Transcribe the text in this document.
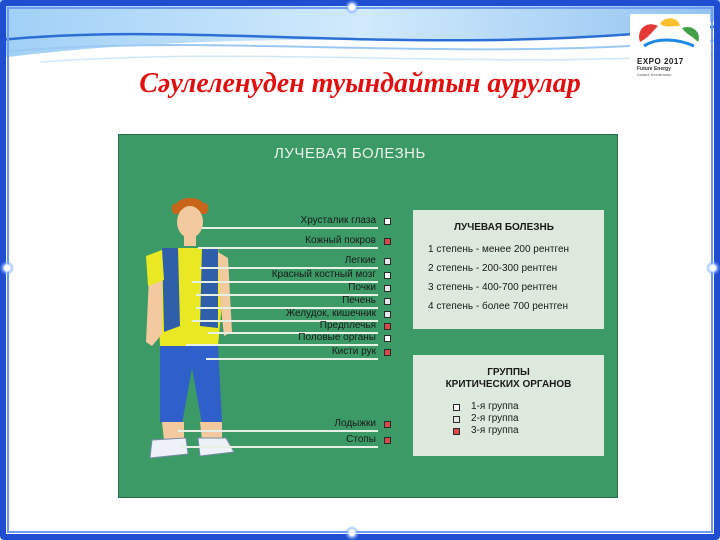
EXPO 2017
Future Energy
Astana Kazakhstan
Сәулеленуден туындайтын аурулар
ЛУЧЕВАЯ БОЛЕЗНЬ
Хрусталик глаза
Кожный покров
Легкие
Красный костный мозг
Почки
Печень
Желудок, кишечник
Предплечья
Половые органы
Кисти рук
Лодыжки
Стопы
ЛУЧЕВАЯ БОЛЕЗНЬ
1 степень - менее 200 рентген
2 степень - 200-300 рентген
3 степень - 400-700 рентген
4 степень - более 700 рентген
ГРУППЫ
КРИТИЧЕСКИХ ОРГАНОВ
1-я группа
2-я группа
3-я группа
